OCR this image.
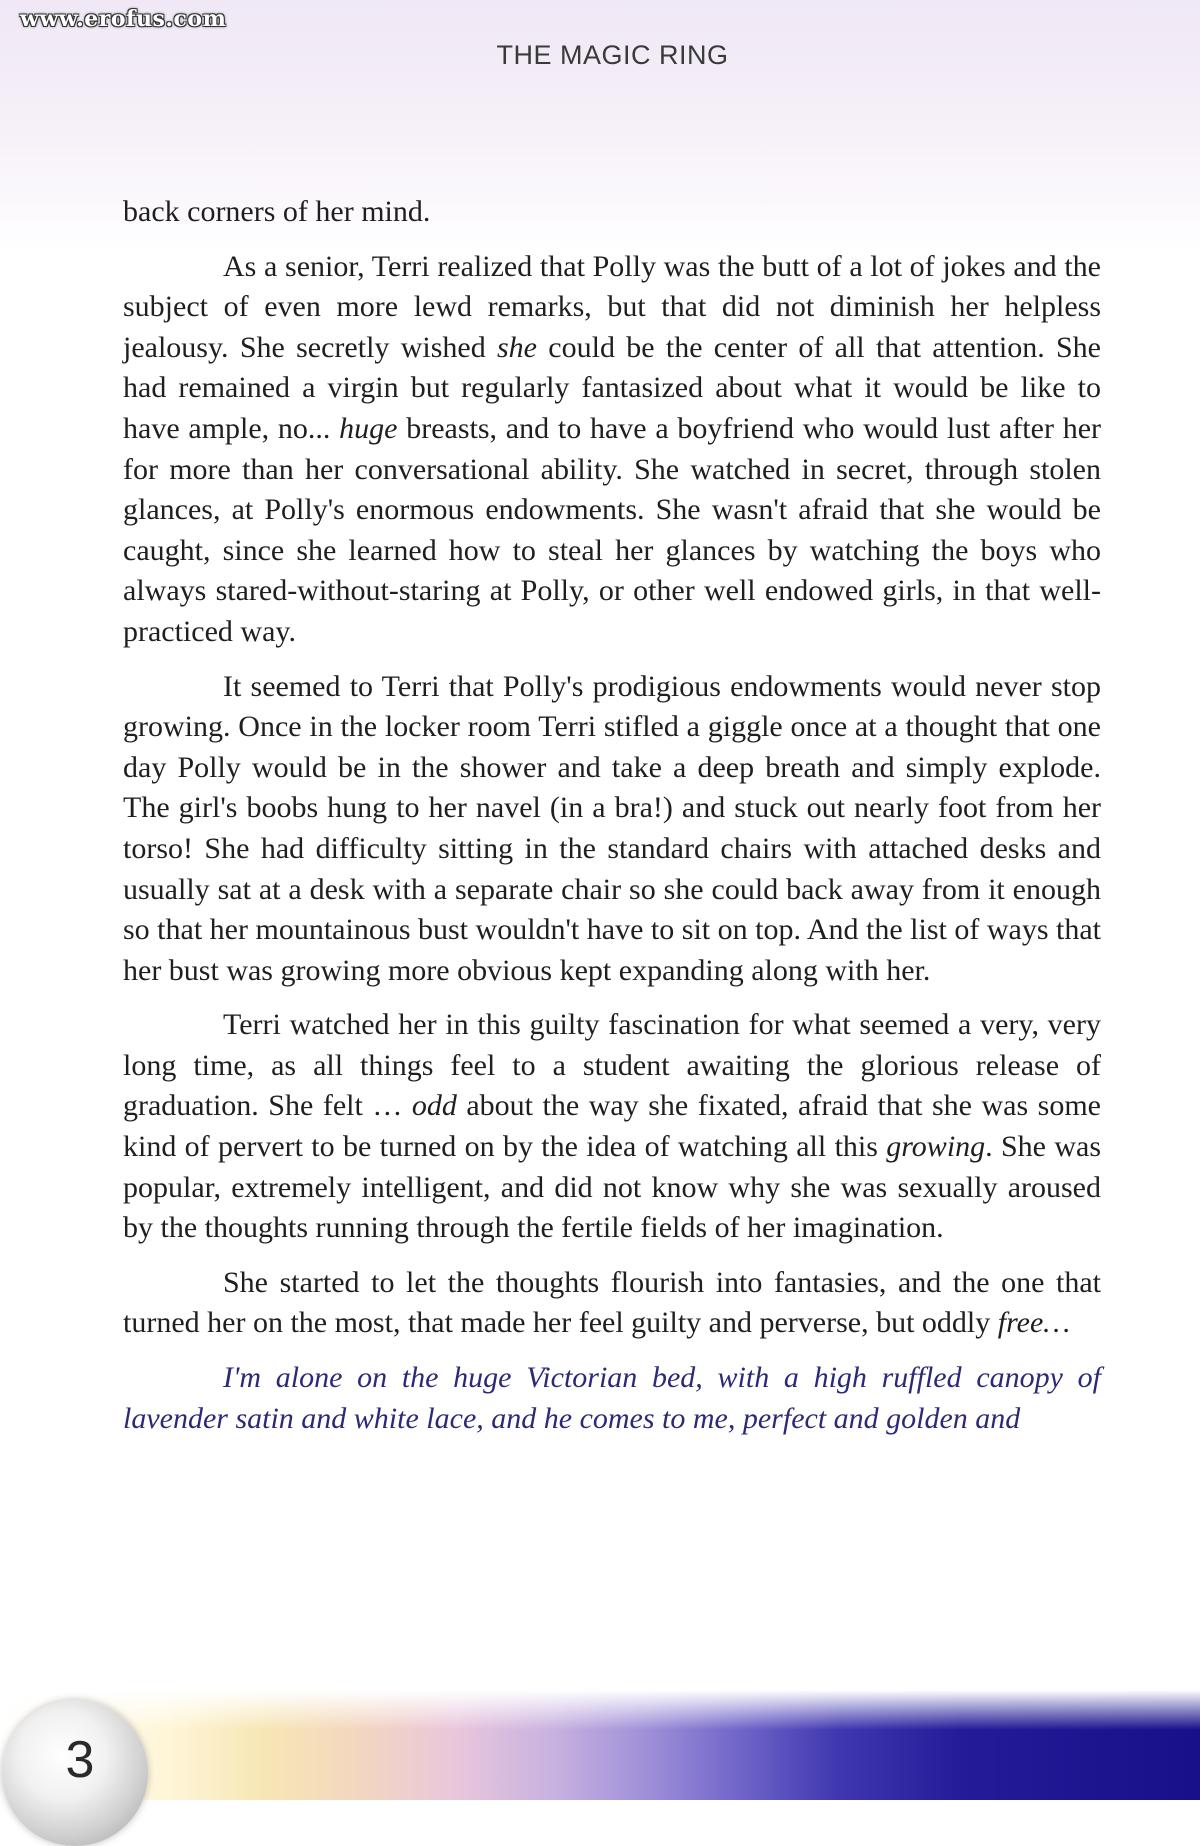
www.erofus.com
THE MAGIC RING

back corners of her mind.

As a senior, Terri realized that Polly was the butt of a lot of jokes and the subject of even more lewd remarks, but that did not diminish her helpless jealousy. She secretly wished she could be the center of all that attention. She had remained a virgin but regularly fantasized about what it would be like to have ample, no... huge breasts, and to have a boyfriend who would lust after her for more than her conversational ability. She watched in secret, through stolen glances, at Polly's enormous endowments. She wasn't afraid that she would be caught, since she learned how to steal her glances by watching the boys who always stared-without-staring at Polly, or other well endowed girls, in that well-practiced way.

It seemed to Terri that Polly's prodigious endowments would never stop growing. Once in the locker room Terri stifled a giggle once at a thought that one day Polly would be in the shower and take a deep breath and simply explode. The girl's boobs hung to her navel (in a bra!) and stuck out nearly foot from her torso! She had difficulty sitting in the standard chairs with attached desks and usually sat at a desk with a separate chair so she could back away from it enough so that her mountainous bust wouldn't have to sit on top. And the list of ways that her bust was growing more obvious kept expanding along with her.

Terri watched her in this guilty fascination for what seemed a very, very long time, as all things feel to a student awaiting the glorious release of graduation. She felt … odd about the way she fixated, afraid that she was some kind of pervert to be turned on by the idea of watching all this growing. She was popular, extremely intelligent, and did not know why she was sexually aroused by the thoughts running through the fertile fields of her imagination.

She started to let the thoughts flourish into fantasies, and the one that turned her on the most, that made her feel guilty and perverse, but oddly free…

I'm alone on the huge Victorian bed, with a high ruffled canopy of lavender satin and white lace, and he comes to me, perfect and golden and

3
